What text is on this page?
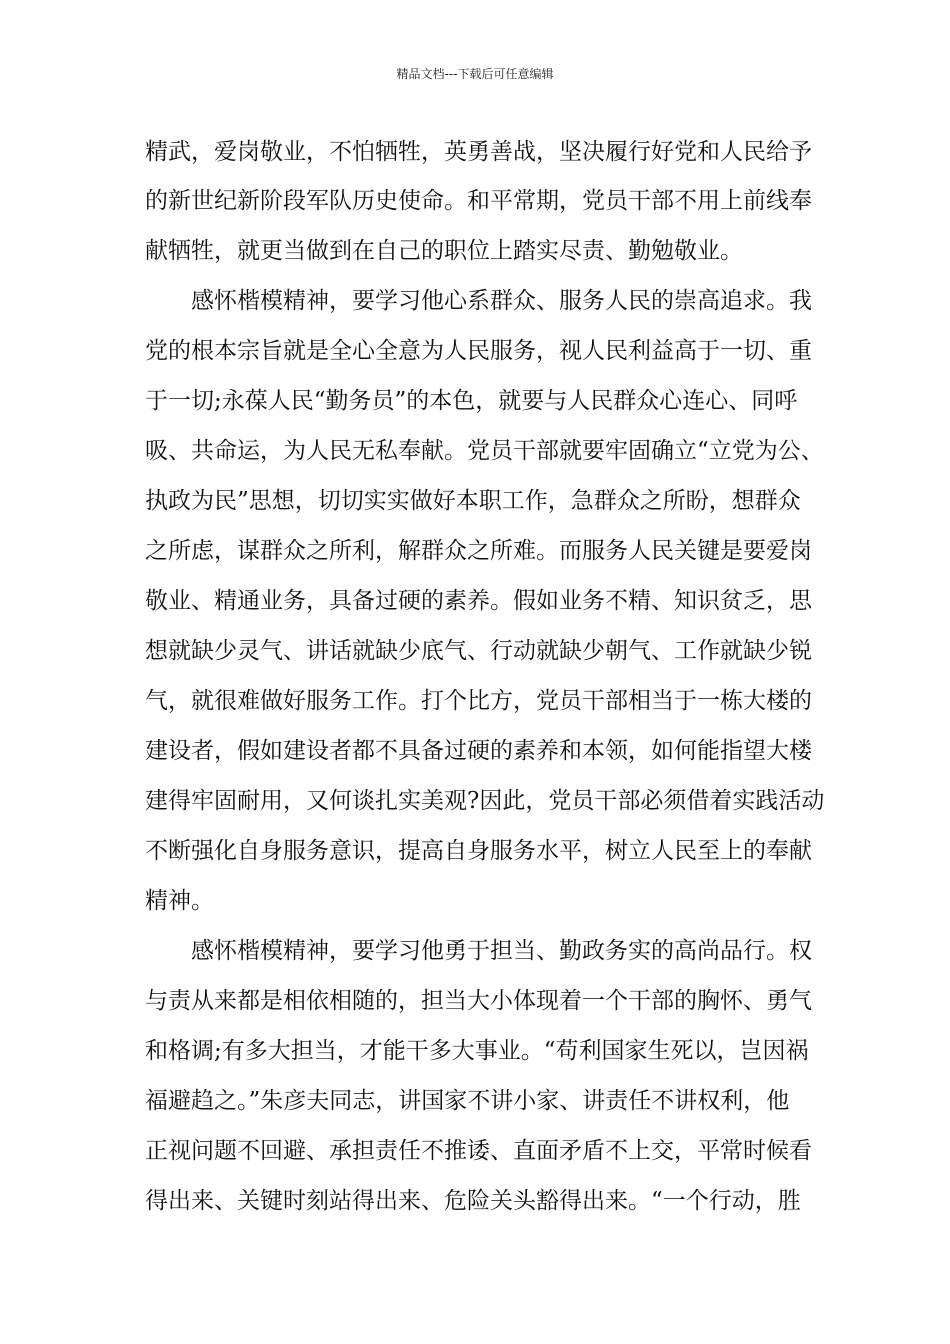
精品文档---下载后可任意编辑
精武，爱岗敬业，不怕牺牲，英勇善战，坚决履行好党和人民给予
的新世纪新阶段军队历史使命。和平常期，党员干部不用上前线奉
献牺牲，就更当做到在自己的职位上踏实尽责、勤勉敬业。
感怀楷模精神，要学习他心系群众、服务人民的崇高追求。我
党的根本宗旨就是全心全意为人民服务，视人民利益高于一切、重
于一切;永葆人民“勤务员”的本色，就要与人民群众心连心、同呼
吸、共命运，为人民无私奉献。党员干部就要牢固确立“立党为公、
执政为民”思想，切切实实做好本职工作，急群众之所盼，想群众
之所虑，谋群众之所利，解群众之所难。而服务人民关键是要爱岗
敬业、精通业务，具备过硬的素养。假如业务不精、知识贫乏，思
想就缺少灵气、讲话就缺少底气、行动就缺少朝气、工作就缺少锐
气，就很难做好服务工作。打个比方，党员干部相当于一栋大楼的
建设者，假如建设者都不具备过硬的素养和本领，如何能指望大楼
建得牢固耐用，又何谈扎实美观?因此，党员干部必须借着实践活动
不断强化自身服务意识，提高自身服务水平，树立人民至上的奉献
精神。
感怀楷模精神，要学习他勇于担当、勤政务实的高尚品行。权
与责从来都是相依相随的，担当大小体现着一个干部的胸怀、勇气
和格调;有多大担当，才能干多大事业。“苟利国家生死以，岂因祸
福避趋之。”朱彦夫同志，讲国家不讲小家、讲责任不讲权利，他
正视问题不回避、承担责任不推诿、直面矛盾不上交，平常时候看
得出来、关键时刻站得出来、危险关头豁得出来。“一个行动，胜
